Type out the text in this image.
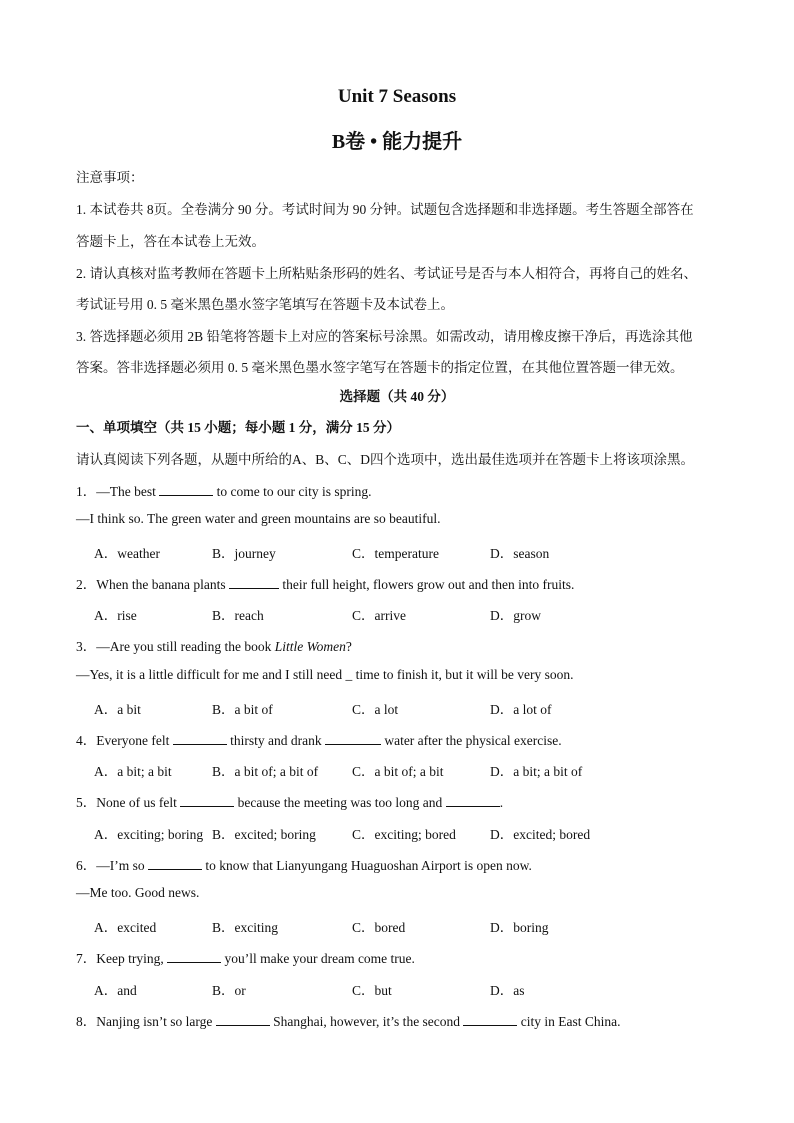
Unit 7 Seasons
B卷 • 能力提升
注意事项：
1. 本试卷共 8页。全卷满分 90 分。考试时间为 90 分钟。试题包含选择题和非选择题。考生答题全部答在
答题卡上，答在本试卷上无效。
2. 请认真核对监考教师在答题卡上所粘贴条形码的姓名、考试证号是否与本人相符合，再将自己的姓名、
考试证号用 0. 5 毫米黑色墨水签字笔填写在答题卡及本试卷上。
3. 答选择题必须用 2B 铅笔将答题卡上对应的答案标号涂黑。如需改动，请用橡皮擦干净后，再选涂其他
答案。答非选择题必须用 0. 5 毫米黑色墨水签字笔写在答题卡的指定位置，在其他位置答题一律无效。
选择题（共 40 分）
一、单项填空（共 15 小题；每小题 1 分，满分 15 分）
请认真阅读下列各题，从题中所给的A、B、C、D四个选项中，选出最佳选项并在答题卡上将该项涂黑。
1．—The best	to come to our city is spring.
—I think so. The green water and green mountains are so beautiful.
A．weather	B．journey	C．temperature	D．season
2．When the banana plants	their full height, flowers grow out and then into fruits.
A．rise	B．reach	C．arrive	D．grow
3．—Are you still reading the book Little Women?
—Yes, it is a little difficult for me and I still need _ time to finish it, but it will be very soon.
A．a bit	B．a bit of	C．a lot	D．a lot of
4．Everyone felt	thirsty and drank	water after the physical exercise.
A．a bit; a bit	B．a bit of; a bit of	C．a bit of; a bit	D．a bit; a bit of
5．None of us felt	because the meeting was too long and	.
A．exciting; boring B．excited; boring	C．exciting; bored	D．excited; bored
6．—I’m so	to know that Lianyungang Huaguoshan Airport is open now.
—Me too. Good news.
A．excited	B．exciting	C．bored	D．boring
7．Keep trying,	you’ll make your dream come true.
A．and	B．or	C．but	D．as
8．Nanjing isn’t so large	Shanghai, however, it’s the second	city in East China.
